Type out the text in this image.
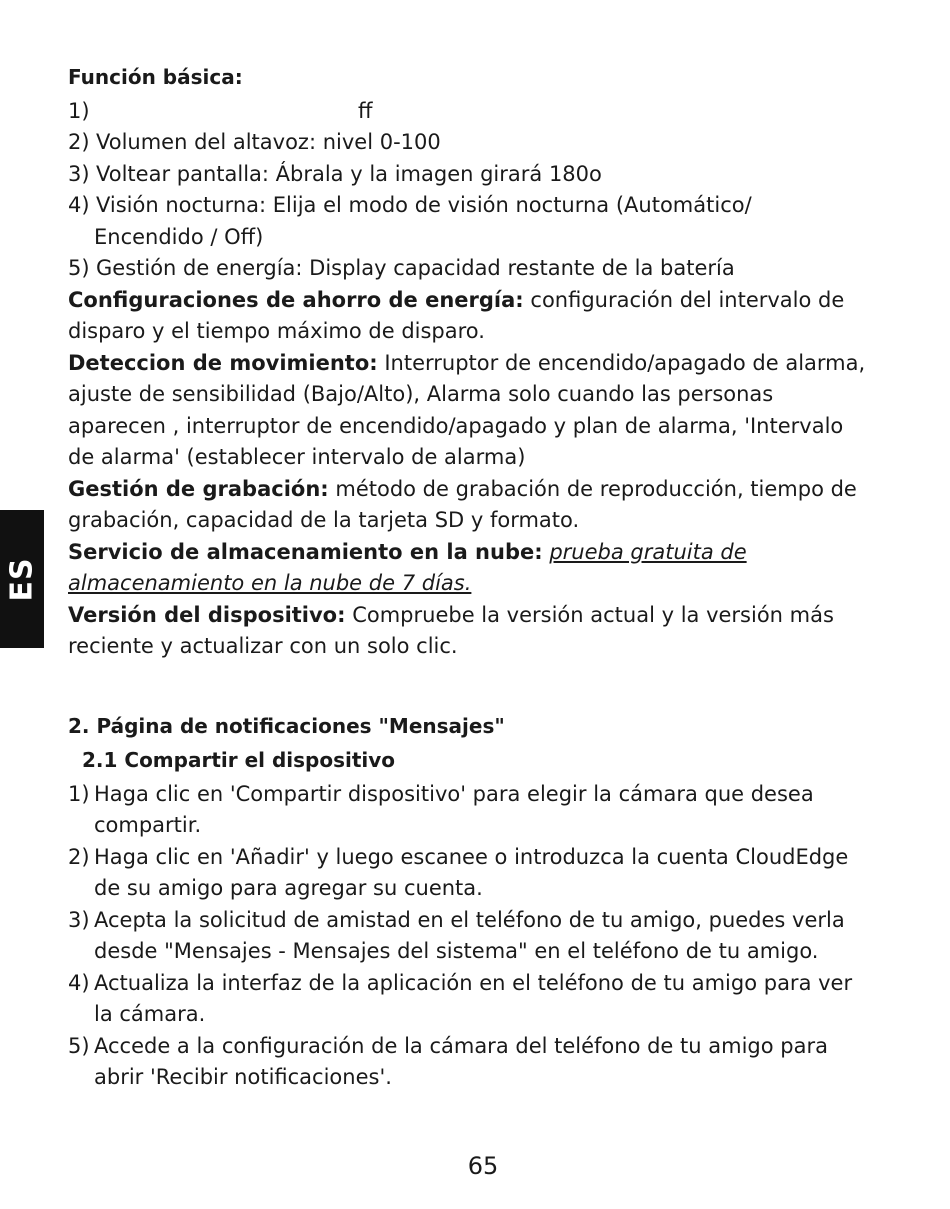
ES
Función básica:
1)	ff
2) Volumen del altavoz: nivel 0-100
3) Voltear pantalla: Ábrala y la imagen girará 180o
4) Visión nocturna: Elija el modo de visión nocturna (Automático/
Encendido / Off)
5) Gestión de energía: Display capacidad restante de la batería

Configuraciones de ahorro de energía: configuración del intervalo de disparo y el tiempo máximo de disparo.

Deteccion de movimiento: Interruptor de encendido/apagado de alarma, ajuste de sensibilidad (Bajo/Alto), Alarma solo cuando las personas aparecen , interruptor de encendido/apagado y plan de alarma, 'Intervalo de alarma' (establecer intervalo de alarma)

Gestión de grabación: método de grabación de reproducción, tiempo de grabación, capacidad de la tarjeta SD y formato.

Servicio de almacenamiento en la nube: prueba gratuita de almacenamiento en la nube de 7 días.

Versión del dispositivo: Compruebe la versión actual y la versión más reciente y actualizar con un solo clic.

2. Página de notificaciones "Mensajes"
2.1 Compartir el dispositivo
1) Haga clic en 'Compartir dispositivo' para elegir la cámara que desea compartir.
2) Haga clic en 'Añadir' y luego escanee o introduzca la cuenta CloudEdge de su amigo para agregar su cuenta.
3) Acepta la solicitud de amistad en el teléfono de tu amigo, puedes verla desde "Mensajes - Mensajes del sistema" en el teléfono de tu amigo.
4) Actualiza la interfaz de la aplicación en el teléfono de tu amigo para ver la cámara.
5) Accede a la configuración de la cámara del teléfono de tu amigo para abrir 'Recibir notificaciones'.
65
